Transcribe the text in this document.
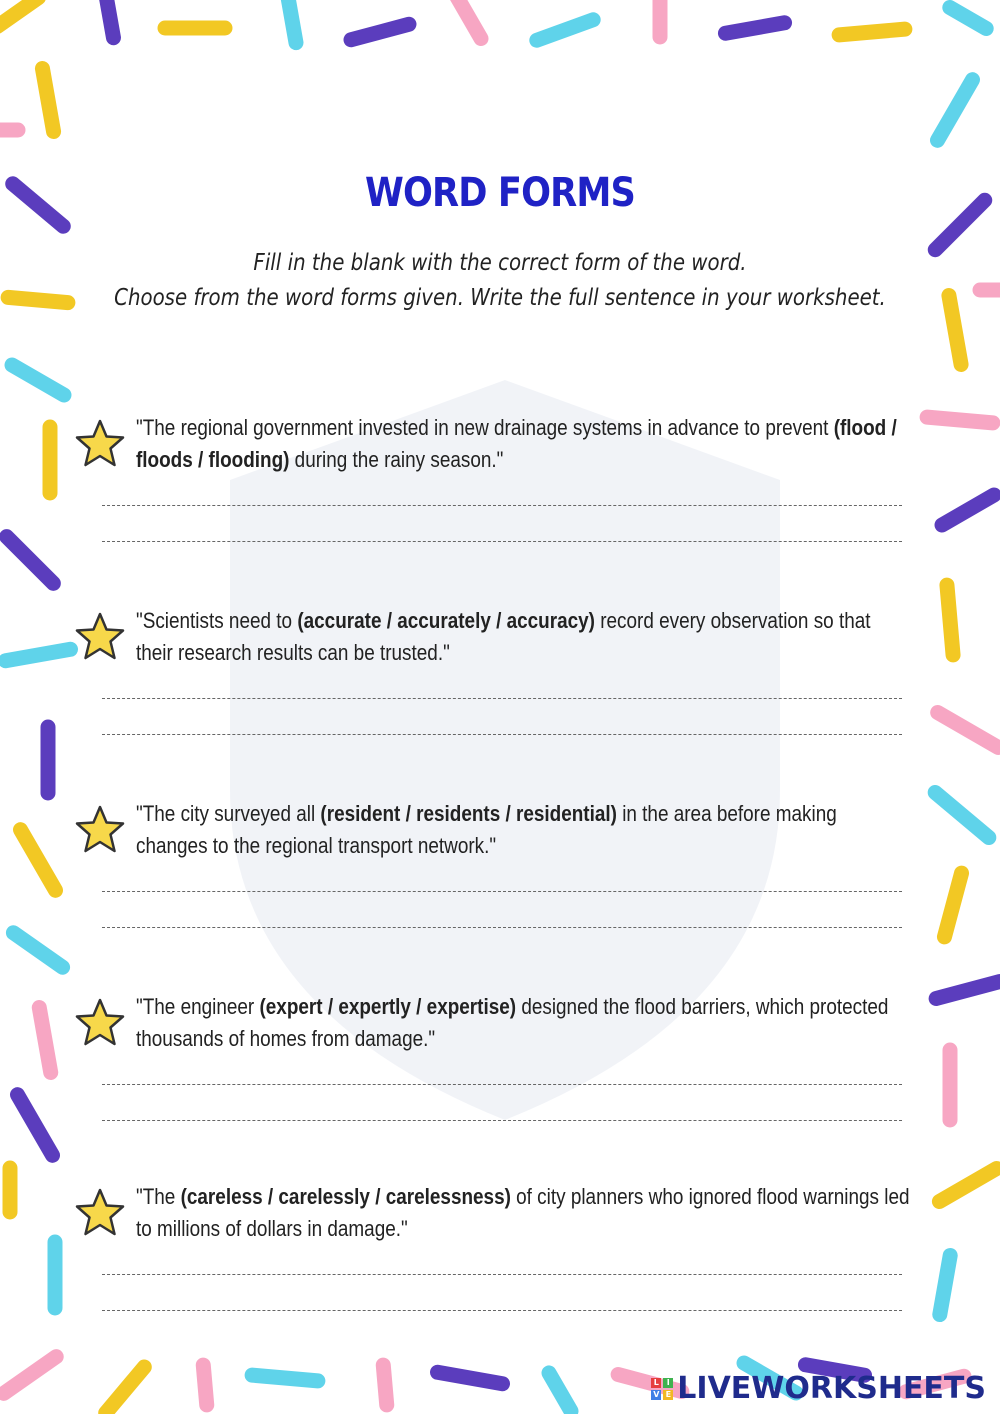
WORD FORMS
Fill in the blank with the correct form of the word.
Choose from the word forms given. Write the full sentence in your worksheet.
"The regional government invested in new drainage systems in advance to prevent (flood / floods / flooding) during the rainy season."
"Scientists need to (accurate / accurately / accuracy) record every observation so that their research results can be trusted."
"The city surveyed all (resident / residents / residential) in the area before making changes to the regional transport network."
"The engineer (expert / expertly / expertise) designed the flood barriers, which protected thousands of homes from damage."
"The (careless / carelessly / carelessness) of city planners who ignored flood warnings led to millions of dollars in damage."
L I
V E LIVEWORKSHEETS
